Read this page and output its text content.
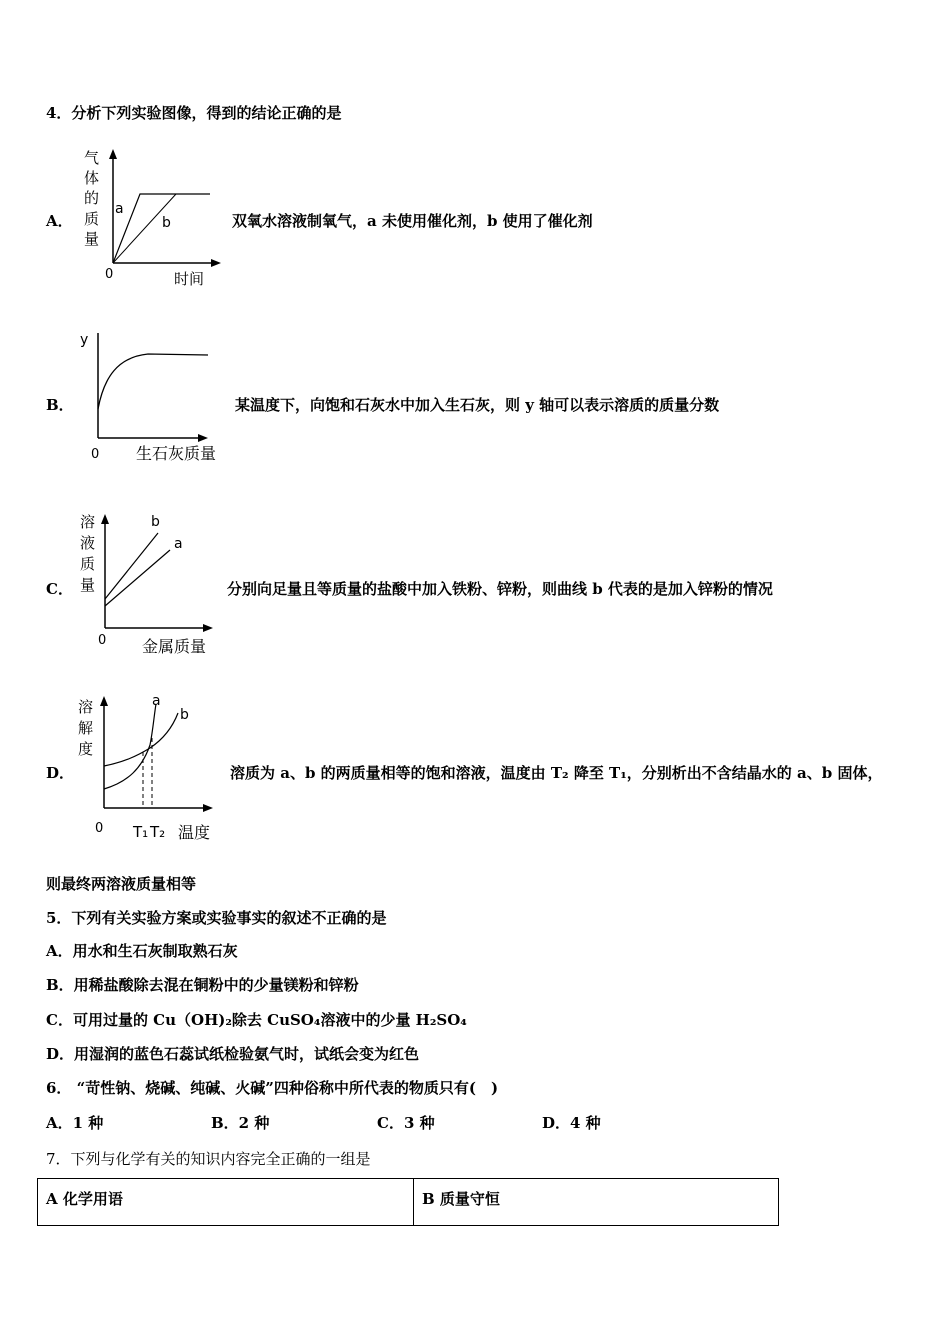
4．分析下列实验图像，得到的结论正确的是
A．
气
体
的
质
量
a
b
0	时间
双氧水溶液制氧气，a 未使用催化剂，b 使用了催化剂
B．
y
0 生石灰质量
某温度下，向饱和石灰水中加入生石灰，则 y 轴可以表示溶质的质量分数
C．
溶
液
质
量
b
a
0 金属质量
分别向足量且等质量的盐酸中加入铁粉、锌粉，则曲线 b 代表的是加入锌粉的情况
D．
溶
解
度
a
b
0 T₁ T₂ 温度
溶质为 a、b 的两质量相等的饱和溶液，温度由 T₂ 降至 T₁，分别析出不含结晶水的 a、b 固体，
则最终两溶液质量相等
5．下列有关实验方案或实验事实的叙述不正确的是
A．用水和生石灰制取熟石灰
B．用稀盐酸除去混在铜粉中的少量镁粉和锌粉
C．可用过量的 Cu（OH)₂除去 CuSO₄溶液中的少量 H₂SO₄
D．用湿润的蓝色石蕊试纸检验氨气时，试纸会变为红色
6． “苛性钠、烧碱、纯碱、火碱”四种俗称中所代表的物质只有(　)
A．1 种	B．2 种	C．3 种	D．4 种
7．下列与化学有关的知识内容完全正确的一组是
A 化学用语	B 质量守恒
